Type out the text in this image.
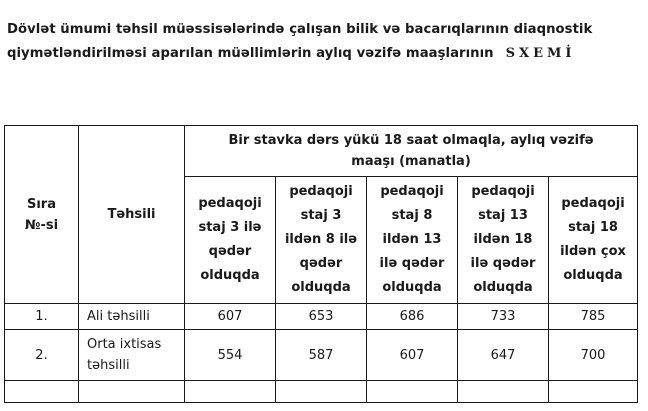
Dövlət ümumi təhsil müəssisələrində çalışan bilik və bacarıqlarının diaqnostik
qiymətləndirilməsi aparılan müəllimlərin aylıq vəzifə maaşlarının SXEMİ
Sıra №-si	Təhsili	Bir stavka dərs yükü 18 saat olmaqla, aylıq vəzifə maaşı (manatla)				
		pedaqoji staj 3 ilə qədər olduqda	pedaqoji staj 3 ildən 8 ilə qədər olduqda	pedaqoji staj 8 ildən 13 ilə qədər olduqda	pedaqoji staj 13 ildən 18 ilə qədər olduqda	pedaqoji staj 18 ildən çox olduqda
1.	Ali təhsilli	607	653	686	733	785
2.	Orta ixtisas təhsilli	554	587	607	647	700
